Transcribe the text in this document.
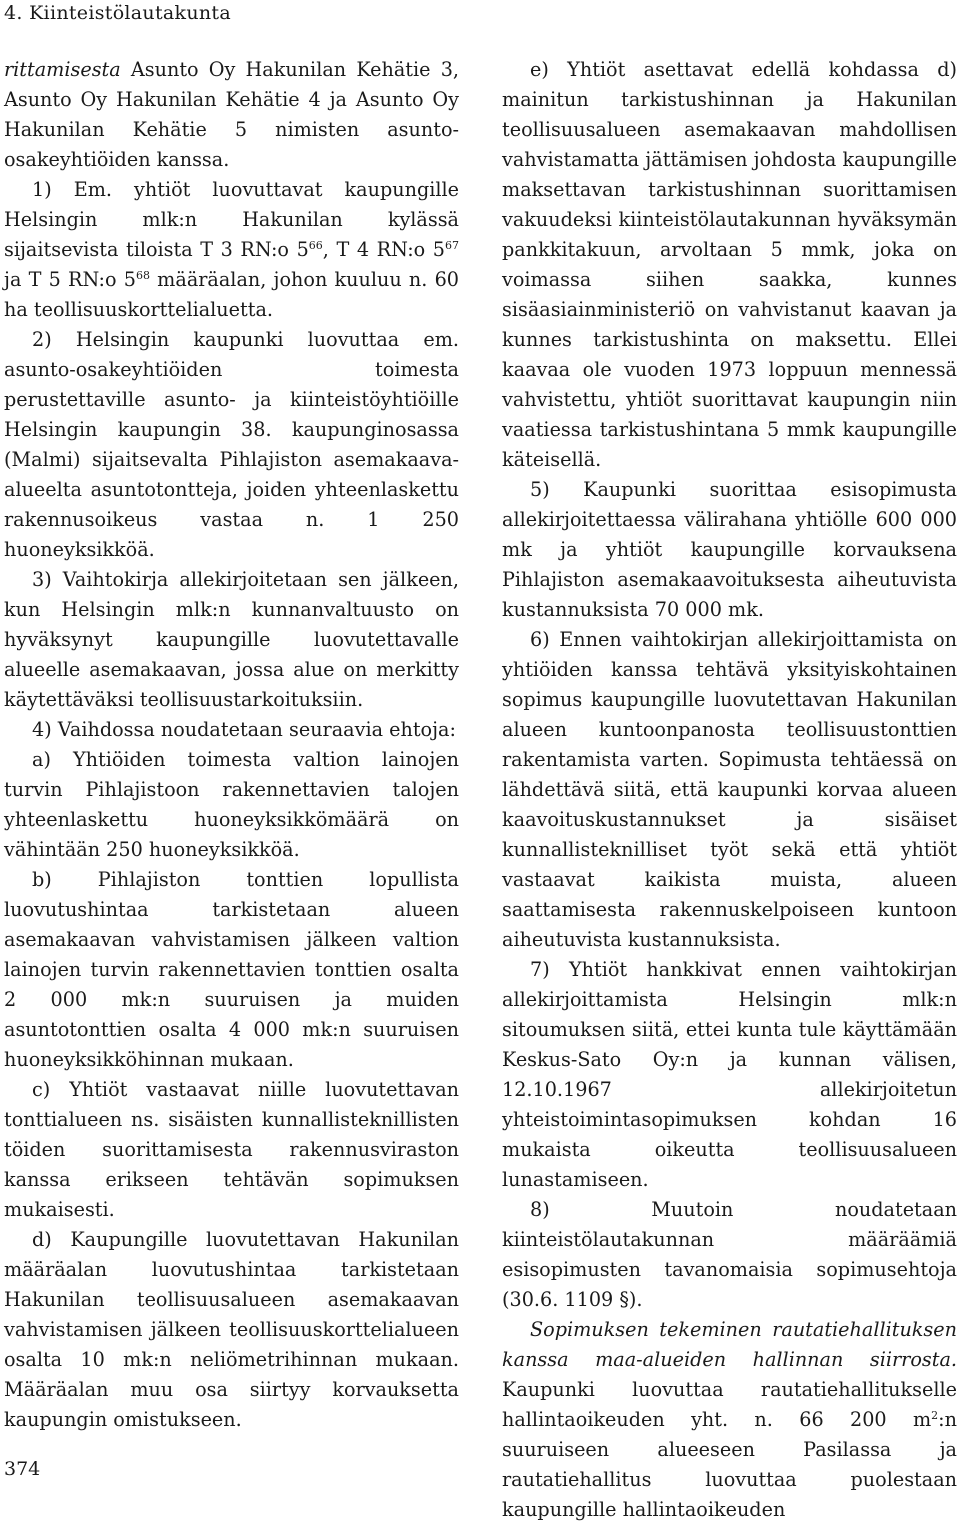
4. Kiinteistölautakunta

rittamisesta Asunto Oy Hakunilan Kehätie 3, Asunto Oy Hakunilan Kehätie 4 ja Asunto Oy Hakunilan Kehätie 5 nimisten asunto-osakeyhtiöiden kanssa.

1) Em. yhtiöt luovuttavat kaupungille Helsingin mlk:n Hakunilan kylässä sijaitsevista tiloista T 3 RN:o $5^{66}$, T 4 RN:o $5^{67}$ ja T 5 RN:o $5^{68}$ määräalan, johon kuuluu n. 60 ha teollisuuskorttelialuetta.

2) Helsingin kaupunki luovuttaa em. asunto-osakeyhtiöiden toimesta perustettaville asunto- ja kiinteistöyhtiöille Helsingin kaupungin 38. kaupunginosassa (Malmi) sijaitsevalta Pihlajiston asemakaava-alueelta asuntotontteja, joiden yhteenlaskettu rakennusoikeus vastaa n. 1 250 huoneyksikköä.

3) Vaihtokirja allekirjoitetaan sen jälkeen, kun Helsingin mlk:n kunnanvaltuusto on hyväksynyt kaupungille luovutettavalle alueelle asemakaavan, jossa alue on merkitty käytettäväksi teollisuustarkoituksiin.

4) Vaihdossa noudatetaan seuraavia ehtoja:

a) Yhtiöiden toimesta valtion lainojen turvin Pihlajistoon rakennettavien talojen yhteenlaskettu huoneyksikkömäärä on vähintään 250 huoneyksikköä.

b) Pihlajiston tonttien lopullista luovutushintaa tarkistetaan alueen asemakaavan vahvistamisen jälkeen valtion lainojen turvin rakennettavien tonttien osalta 2 000 mk:n suuruisen ja muiden asuntotonttien osalta 4 000 mk:n suuruisen huoneyksikköhinnan mukaan.

c) Yhtiöt vastaavat niille luovutettavan tonttialueen ns. sisäisten kunnallisteknillisten töiden suorittamisesta rakennusviraston kanssa erikseen tehtävän sopimuksen mukaisesti.

d) Kaupungille luovutettavan Hakunilan määräalan luovutushintaa tarkistetaan Hakunilan teollisuusalueen asemakaavan vahvistamisen jälkeen teollisuuskorttelialueen osalta 10 mk:n neliömetrihinnan mukaan. Määräalan muu osa siirtyy korvauksetta kaupungin omistukseen.

e) Yhtiöt asettavat edellä kohdassa d) mainitun tarkistushinnan ja Hakunilan teollisuusalueen asemakaavan mahdollisen vahvistamatta jättämisen johdosta kaupungille maksettavan tarkistushinnan suorittamisen vakuudeksi kiinteistölautakunnan hyväksymän pankkitakuun, arvoltaan 5 mmk, joka on voimassa siihen saakka, kunnes sisäasiainministeriö on vahvistanut kaavan ja kunnes tarkistushinta on maksettu. Ellei kaavaa ole vuoden 1973 loppuun mennessä vahvistettu, yhtiöt suorittavat kaupungin niin vaatiessa tarkistushintana 5 mmk kaupungille käteisellä.

5) Kaupunki suorittaa esisopimusta allekirjoitettaessa välirahana yhtiölle 600 000 mk ja yhtiöt kaupungille korvauksena Pihlajiston asemakaavoituksesta aiheutuvista kustannuksista 70 000 mk.

6) Ennen vaihtokirjan allekirjoittamista on yhtiöiden kanssa tehtävä yksityiskohtainen sopimus kaupungille luovutettavan Hakunilan alueen kuntoonpanosta teollisuustonttien rakentamista varten. Sopimusta tehtäessä on lähdettävä siitä, että kaupunki korvaa alueen kaavoituskustannukset ja sisäiset kunnallisteknilliset työt sekä että yhtiöt vastaavat kaikista muista, alueen saattamisesta rakennuskelpoiseen kuntoon aiheutuvista kustannuksista.

7) Yhtiöt hankkivat ennen vaihtokirjan allekirjoittamista Helsingin mlk:n sitoumuksen siitä, ettei kunta tule käyttämään Keskus-Sato Oy:n ja kunnan välisen, 12.10.1967 allekirjoitetun yhteistoimintasopimuksen kohdan 16 mukaista oikeutta teollisuusalueen lunastamiseen.

8) Muutoin noudatetaan kiinteistölautakunnan määräämiä esisopimusten tavanomaisia sopimusehtoja (30.6. 1109 §).

Sopimuksen tekeminen rautatiehallituksen kanssa maa-alueiden hallinnan siirrosta. Kaupunki luovuttaa rautatiehallitukselle hallintaoikeuden yht. n. 66 200 $m^2:n$ suuruiseen alueeseen Pasilassa ja rautatiehallitus luovuttaa puolestaan kaupungille hallintaoikeuden

374
